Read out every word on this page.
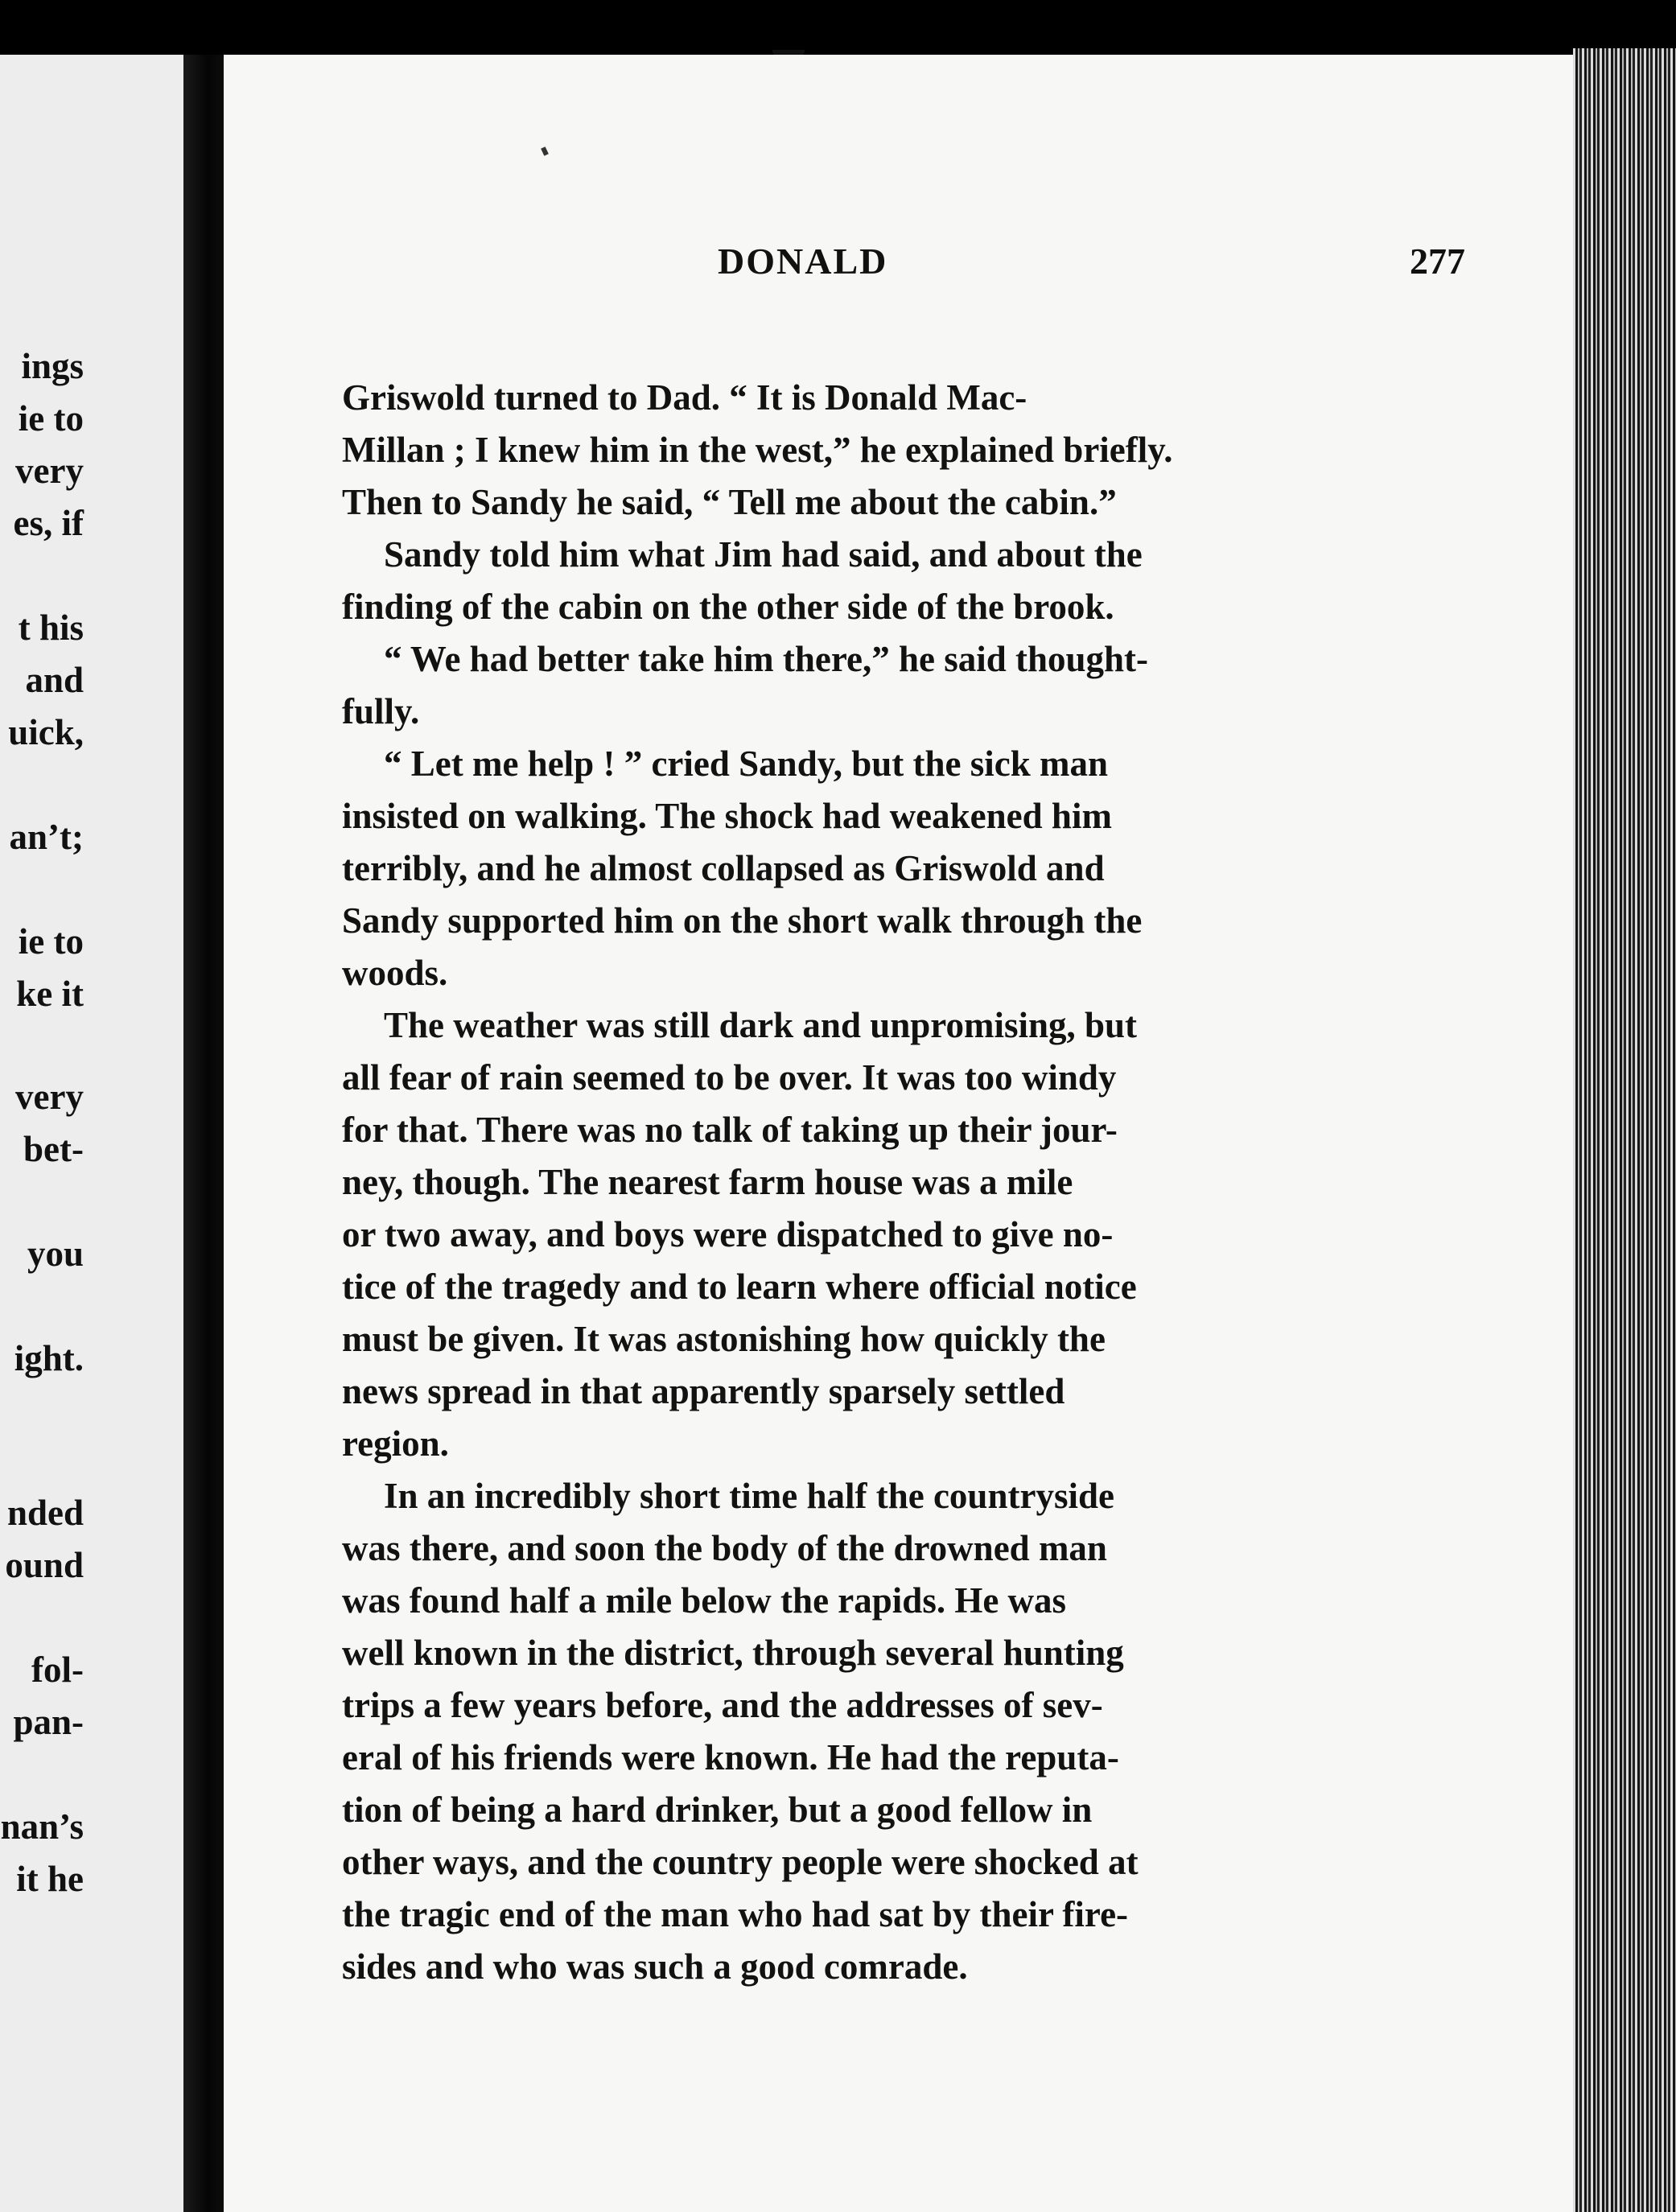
ings
ie to
very
es, if
t his
and
uick,
an’t;
ie to
ke it
very
bet-
you
ight.
nded
ound
fol-
pan-
nan’s
it he
DONALD	277
Griswold turned to Dad. “ It is Donald Mac-
Millan ; I knew him in the west,” he explained briefly.
Then to Sandy he said, “ Tell me about the cabin.”
Sandy told him what Jim had said, and about the
finding of the cabin on the other side of the brook.
“ We had better take him there,” he said thought-
fully.
“ Let me help ! ” cried Sandy, but the sick man
insisted on walking. The shock had weakened him
terribly, and he almost collapsed as Griswold and
Sandy supported him on the short walk through the
woods.
The weather was still dark and unpromising, but
all fear of rain seemed to be over. It was too windy
for that. There was no talk of taking up their jour-
ney, though. The nearest farm house was a mile
or two away, and boys were dispatched to give no-
tice of the tragedy and to learn where official notice
must be given. It was astonishing how quickly the
news spread in that apparently sparsely settled
region.
In an incredibly short time half the countryside
was there, and soon the body of the drowned man
was found half a mile below the rapids. He was
well known in the district, through several hunting
trips a few years before, and the addresses of sev-
eral of his friends were known. He had the reputa-
tion of being a hard drinker, but a good fellow in
other ways, and the country people were shocked at
the tragic end of the man who had sat by their fire-
sides and who was such a good comrade.
